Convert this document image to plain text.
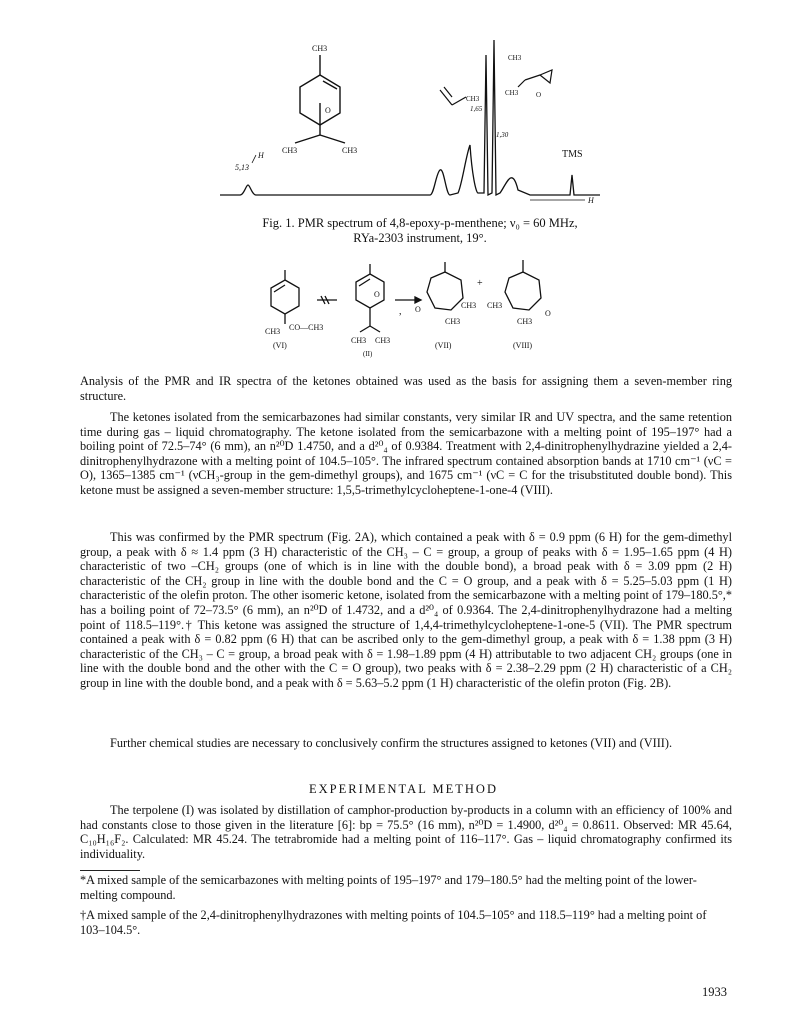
CH3
CH3	CH3
O
5,13
H
CH3
1,65
1,30
CH3
CH3	O
TMS
H
Fig. 1. PMR spectrum of 4,8-epoxy-p-menthene; ν₀ = 60 MHz,
RYa-2303 instrument, 19°.
CH3 CO—CH3
(VI)
O
CH3 CH3
(II)
, O	CH3
CH3
(VII)
+
CH3
CH3
O
(VIII)
Analysis of the PMR and IR spectra of the ketones obtained was used as the basis for assigning them a seven-member ring structure.
The ketones isolated from the semicarbazones had similar constants, very similar IR and UV spectra, and the same retention time during gas – liquid chromatography. The ketone isolated from the semicarbazone with a melting point of 195–197° had a boiling point of 72.5–74° (6 mm), an n²⁰D 1.4750, and a d²⁰₄ of 0.9384. Treatment with 2,4-dinitrophenylhydrazine yielded a 2,4-dinitrophenylhydrazone with a melting point of 104.5–105°. The infrared spectrum contained absorption bands at 1710 cm⁻¹ (νC = O), 1365–1385 cm⁻¹ (νCH₃-group in the gem-dimethyl groups), and 1675 cm⁻¹ (νC = C for the trisubstituted double bond). This ketone must be assigned a seven-member structure: 1,5,5-trimethylcycloheptene-1-one-4 (VIII).
This was confirmed by the PMR spectrum (Fig. 2A), which contained a peak with δ = 0.9 ppm (6 H) for the gem-dimethyl group, a peak with δ ≈ 1.4 ppm (3 H) characteristic of the CH₃ – C = group, a group of peaks with δ = 1.95–1.65 ppm (4 H) characteristic of two –CH₂ groups (one of which is in line with the double bond), a broad peak with δ = 3.09 ppm (2 H) characteristic of the CH₂ group in line with the double bond and the C = O group, and a peak with δ = 5.25–5.03 ppm (1 H) characteristic of the olefin proton. The other isomeric ketone, isolated from the semicarbazone with a melting point of 179–180.5°,* has a boiling point of 72–73.5° (6 mm), an n²⁰D of 1.4732, and a d²⁰₄ of 0.9364. The 2,4-dinitrophenylhydrazone had a melting point of 118.5–119°.† This ketone was assigned the structure of 1,4,4-trimethylcycloheptene-1-one-5 (VII). The PMR spectrum contained a peak with δ = 0.82 ppm (6 H) that can be ascribed only to the gem-dimethyl group, a peak with δ = 1.38 ppm (3 H) characteristic of the CH₃ – C = group, a broad peak with δ = 1.98–1.89 ppm (4 H) attributable to two adjacent CH₂ groups (one in line with the double bond and the other with the C = O group), two peaks with δ = 2.38–2.29 ppm (2 H) characteristic of a CH₂ group in line with the double bond, and a peak with δ = 5.63–5.2 ppm (1 H) characteristic of the olefin proton (Fig. 2B).
Further chemical studies are necessary to conclusively confirm the structures assigned to ketones (VII) and (VIII).
EXPERIMENTAL METHOD
The terpolene (I) was isolated by distillation of camphor-production by-products in a column with an efficiency of 100% and had constants close to those given in the literature [6]: bp = 75.5° (16 mm), n²⁰D = 1.4900, d²⁰₄ = 0.8611. Observed: MR 45.64, C₁₀H₁₆F₂. Calculated: MR 45.24. The tetrabromide had a melting point of 116–117°. Gas – liquid chromatography confirmed its individuality.
*A mixed sample of the semicarbazones with melting points of 195–197° and 179–180.5° had the melting point of the lower-melting compound.
†A mixed sample of the 2,4-dinitrophenylhydrazones with melting points of 104.5–105° and 118.5–119° had a melting point of 103–104.5°.
1933
